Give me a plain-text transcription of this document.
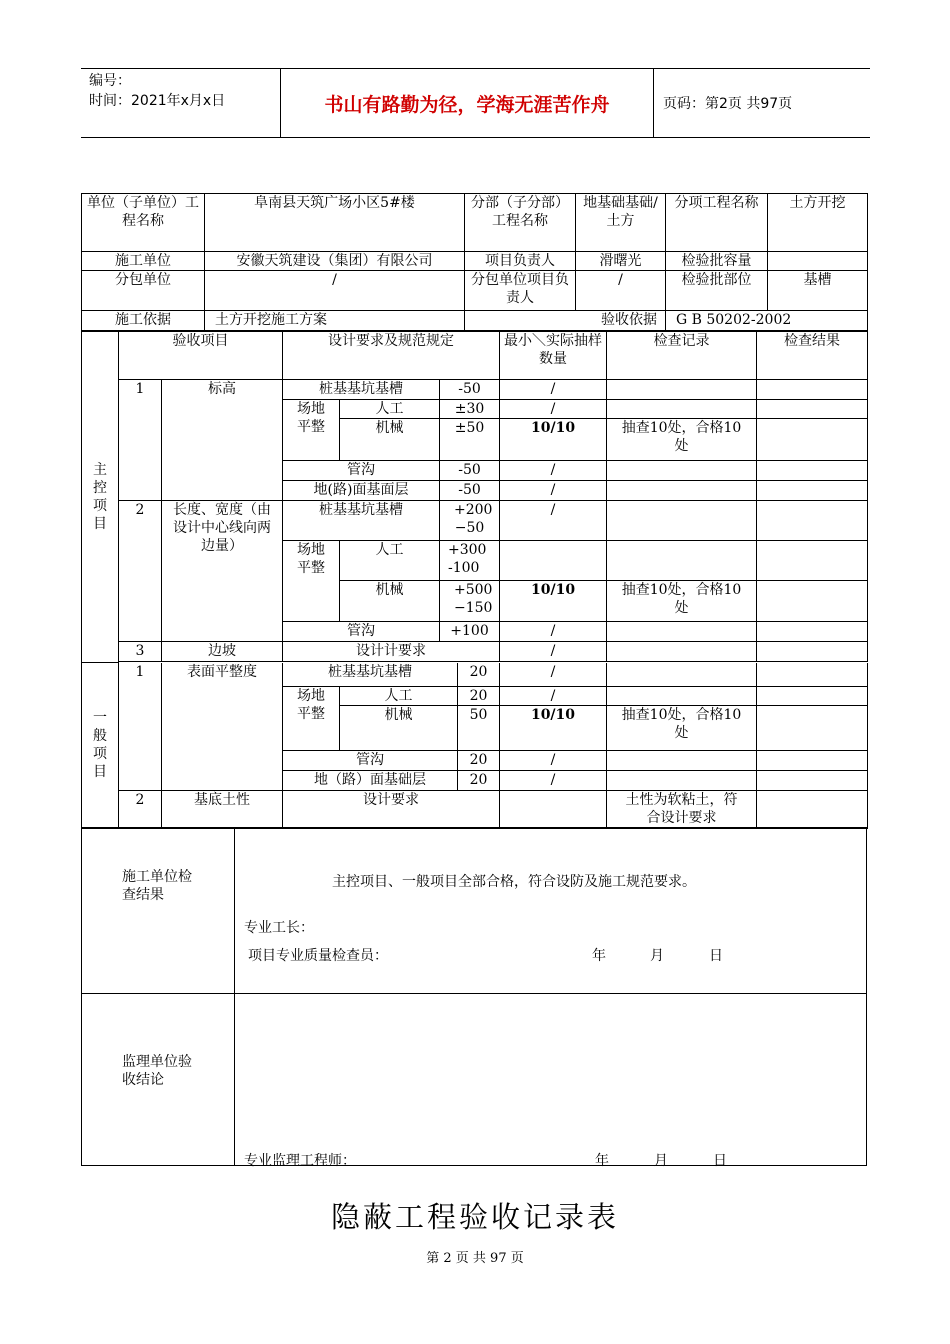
编号：
时间：2021年x月x日	书山有路勤为径，学海无涯苦作舟	页码：第2页 共97页
单位（子单位）工程名称	阜南县天筑广场小区5#楼	分部（子分部）工程名称	地基础基础/土方	分项工程名称	土方开挖
施工单位	安徽天筑建设（集团）有限公司	项目负责人	滑曙光	检验批容量	
分包单位	/	分包单位项目负责人	/	检验批部位	基槽
施工依据	土方开挖施工方案	验收依据		G B 50202-2002	
主控项目	验收项目		设计要求及规范规定			最小＼实际抽样数量	检查记录	检查结果
	1	标高	桩基基坑基槽		-50	/		
			场地平整	人工	±30	/		
				机械	±50	10/10	抽查10处，合格10处	
			管沟		-50	/		
			地(路)面基面层		-50	/		
	2	长度、宽度（由设计中心线向两边量）	桩基基坑基槽		+200 −50	/		
			场地平整	人工	+300 -100			
				机械	+500 −150	10/10	抽查10处，合格10处	
			管沟		+100	/		
	3	边坡	设计计要求			/		

一般项目	1	表面平整度	桩基基坑基槽		20	/		
			场地平整	人工	20	/		
				机械	50	10/10	抽查10处，合格10处	
			管沟		20	/		
			地（路）面基础层		20	/		
	2	基底土性	设计要求				土性为软粘土，符合设计要求	
施工单位检查结果
主控项目、一般项目全部合格，符合设防及施工规范要求。
专业工长：
项目专业质量检查员：	年	月	日
监理单位验收结论
专业监理工程师：	年	月	日
隐蔽工程验收记录表
第 2 页 共 97 页
